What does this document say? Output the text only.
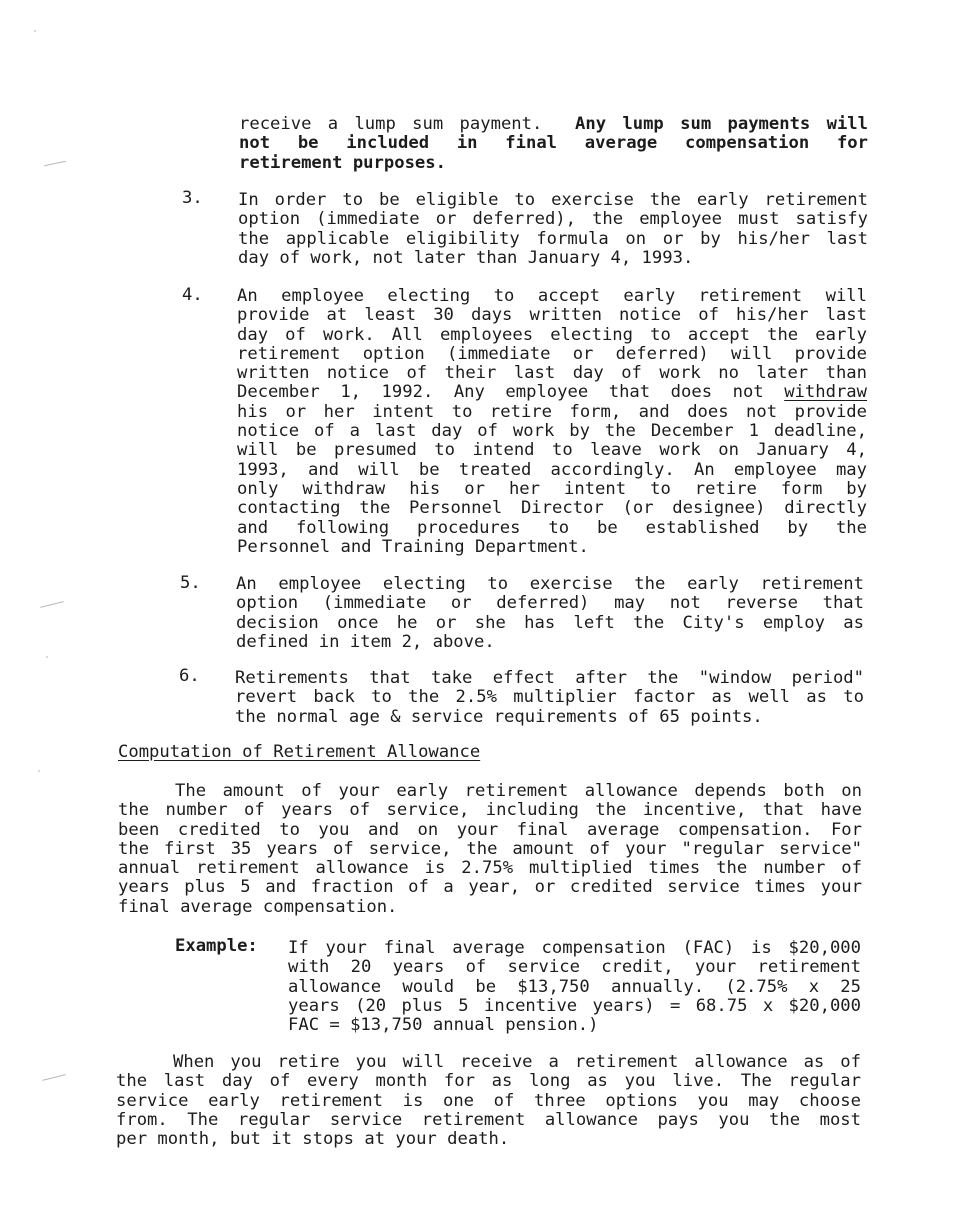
receive a lump sum payment. Any lump sum payments will
not be included in final average compensation for
retirement purposes.
3. In order to be eligible to exercise the early retirement
option (immediate or deferred), the employee must satisfy
the applicable eligibility formula on or by his/her last
day of work, not later than January 4, 1993.
4. An employee electing to accept early retirement will
provide at least 30 days written notice of his/her last
day of work. All employees electing to accept the early
retirement option (immediate or deferred) will provide
written notice of their last day of work no later than
December 1, 1992. Any employee that does not withdraw
his or her intent to retire form, and does not provide
notice of a last day of work by the December 1 deadline,
will be presumed to intend to leave work on January 4,
1993, and will be treated accordingly. An employee may
only withdraw his or her intent to retire form by
contacting the Personnel Director (or designee) directly
and following procedures to be established by the
Personnel and Training Department.
5. An employee electing to exercise the early retirement
option (immediate or deferred) may not reverse that
decision once he or she has left the City's employ as
defined in item 2, above.
6. Retirements that take effect after the "window period"
revert back to the 2.5% multiplier factor as well as to
the normal age & service requirements of 65 points.
Computation of Retirement Allowance
The amount of your early retirement allowance depends both on
the number of years of service, including the incentive, that have
been credited to you and on your final average compensation. For
the first 35 years of service, the amount of your "regular service"
annual retirement allowance is 2.75% multiplied times the number of
years plus 5 and fraction of a year, or credited service times your
final average compensation.
Example: If your final average compensation (FAC) is $20,000
with 20 years of service credit, your retirement
allowance would be $13,750 annually. (2.75% x 25
years (20 plus 5 incentive years) = 68.75 x $20,000
FAC = $13,750 annual pension.)
When you retire you will receive a retirement allowance as of
the last day of every month for as long as you live. The regular
service early retirement is one of three options you may choose
from. The regular service retirement allowance pays you the most
per month, but it stops at your death.
